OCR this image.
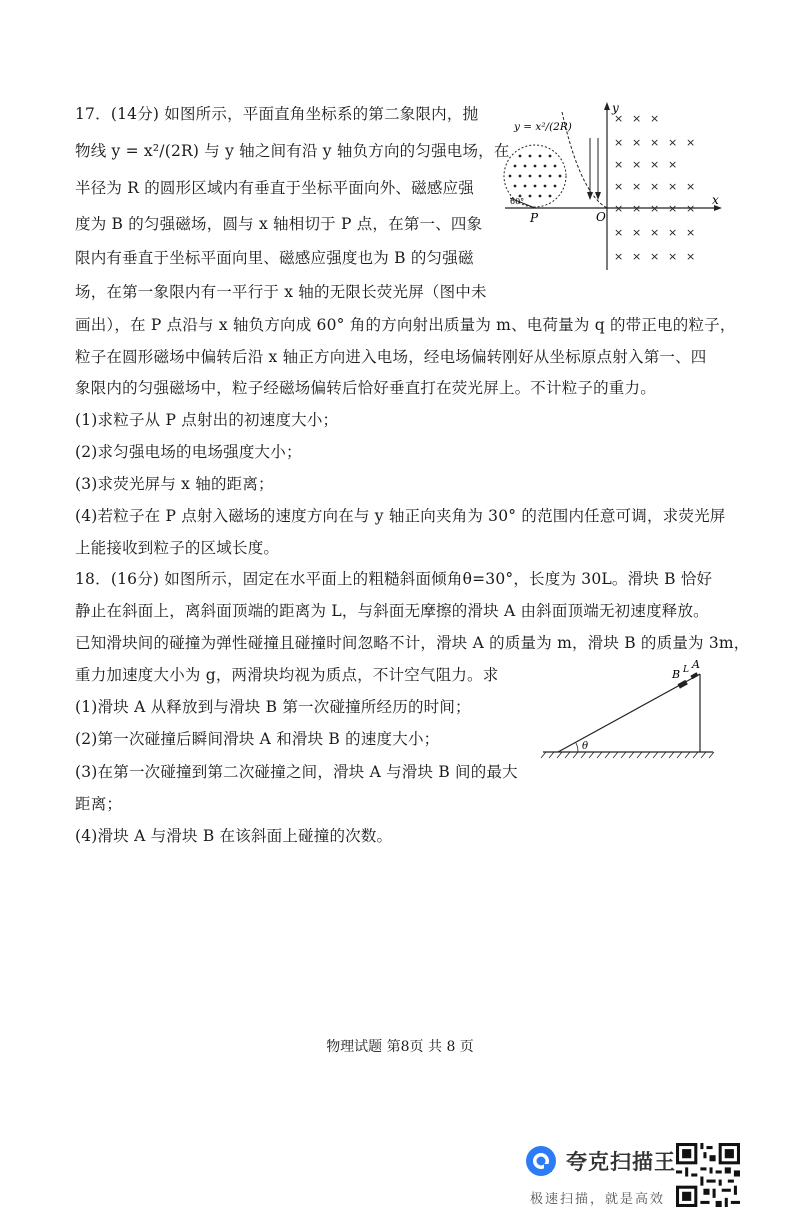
17．(14分) 如图所示，平面直角坐标系的第二象限内，抛
物线 y = x²/(2R) 与 y 轴之间有沿 y 轴负方向的匀强电场，在
半径为 R 的圆形区域内有垂直于坐标平面向外、磁感应强
度为 B 的匀强磁场，圆与 x 轴相切于 P 点，在第一、四象
限内有垂直于坐标平面向里、磁感应强度也为 B 的匀强磁
场，在第一象限内有一平行于 x 轴的无限长荧光屏（图中未
画出），在 P 点沿与 x 轴负方向成 60° 角的方向射出质量为 m、电荷量为 q 的带正电的粒子，
粒子在圆形磁场中偏转后沿 x 轴正方向进入电场，经电场偏转刚好从坐标原点射入第一、四
象限内的匀强磁场中，粒子经磁场偏转后恰好垂直打在荧光屏上。不计粒子的重力。
(1)求粒子从 P 点射出的初速度大小；
(2)求匀强电场的电场强度大小；
(3)求荧光屏与 x 轴的距离；
(4)若粒子在 P 点射入磁场的速度方向在与 y 轴正向夹角为 30° 的范围内任意可调，求荧光屏
上能接收到粒子的区域长度。
x
y
O
y = x²/(2R)
60°
P
× × ×
× × × × ×
× × × ×
× × × × ×
× × × × ×
× × × × ×
× × × × ×
18．(16分) 如图所示，固定在水平面上的粗糙斜面倾角θ=30°，长度为 30L。滑块 B 恰好
静止在斜面上，离斜面顶端的距离为 L，与斜面无摩擦的滑块 A 由斜面顶端无初速度释放。
已知滑块间的碰撞为弹性碰撞且碰撞时间忽略不计，滑块 A 的质量为 m，滑块 B 的质量为 3m，
重力加速度大小为 g，两滑块均视为质点，不计空气阻力。求
(1)滑块 A 从释放到与滑块 B 第一次碰撞所经历的时间；
(2)第一次碰撞后瞬间滑块 A 和滑块 B 的速度大小；
(3)在第一次碰撞到第二次碰撞之间，滑块 A 与滑块 B 间的最大
距离；
(4)滑块 A 与滑块 B 在该斜面上碰撞的次数。
θ
B L A
物理试题 第8页 共 8 页
夸克扫描王
极速扫描，就是高效
